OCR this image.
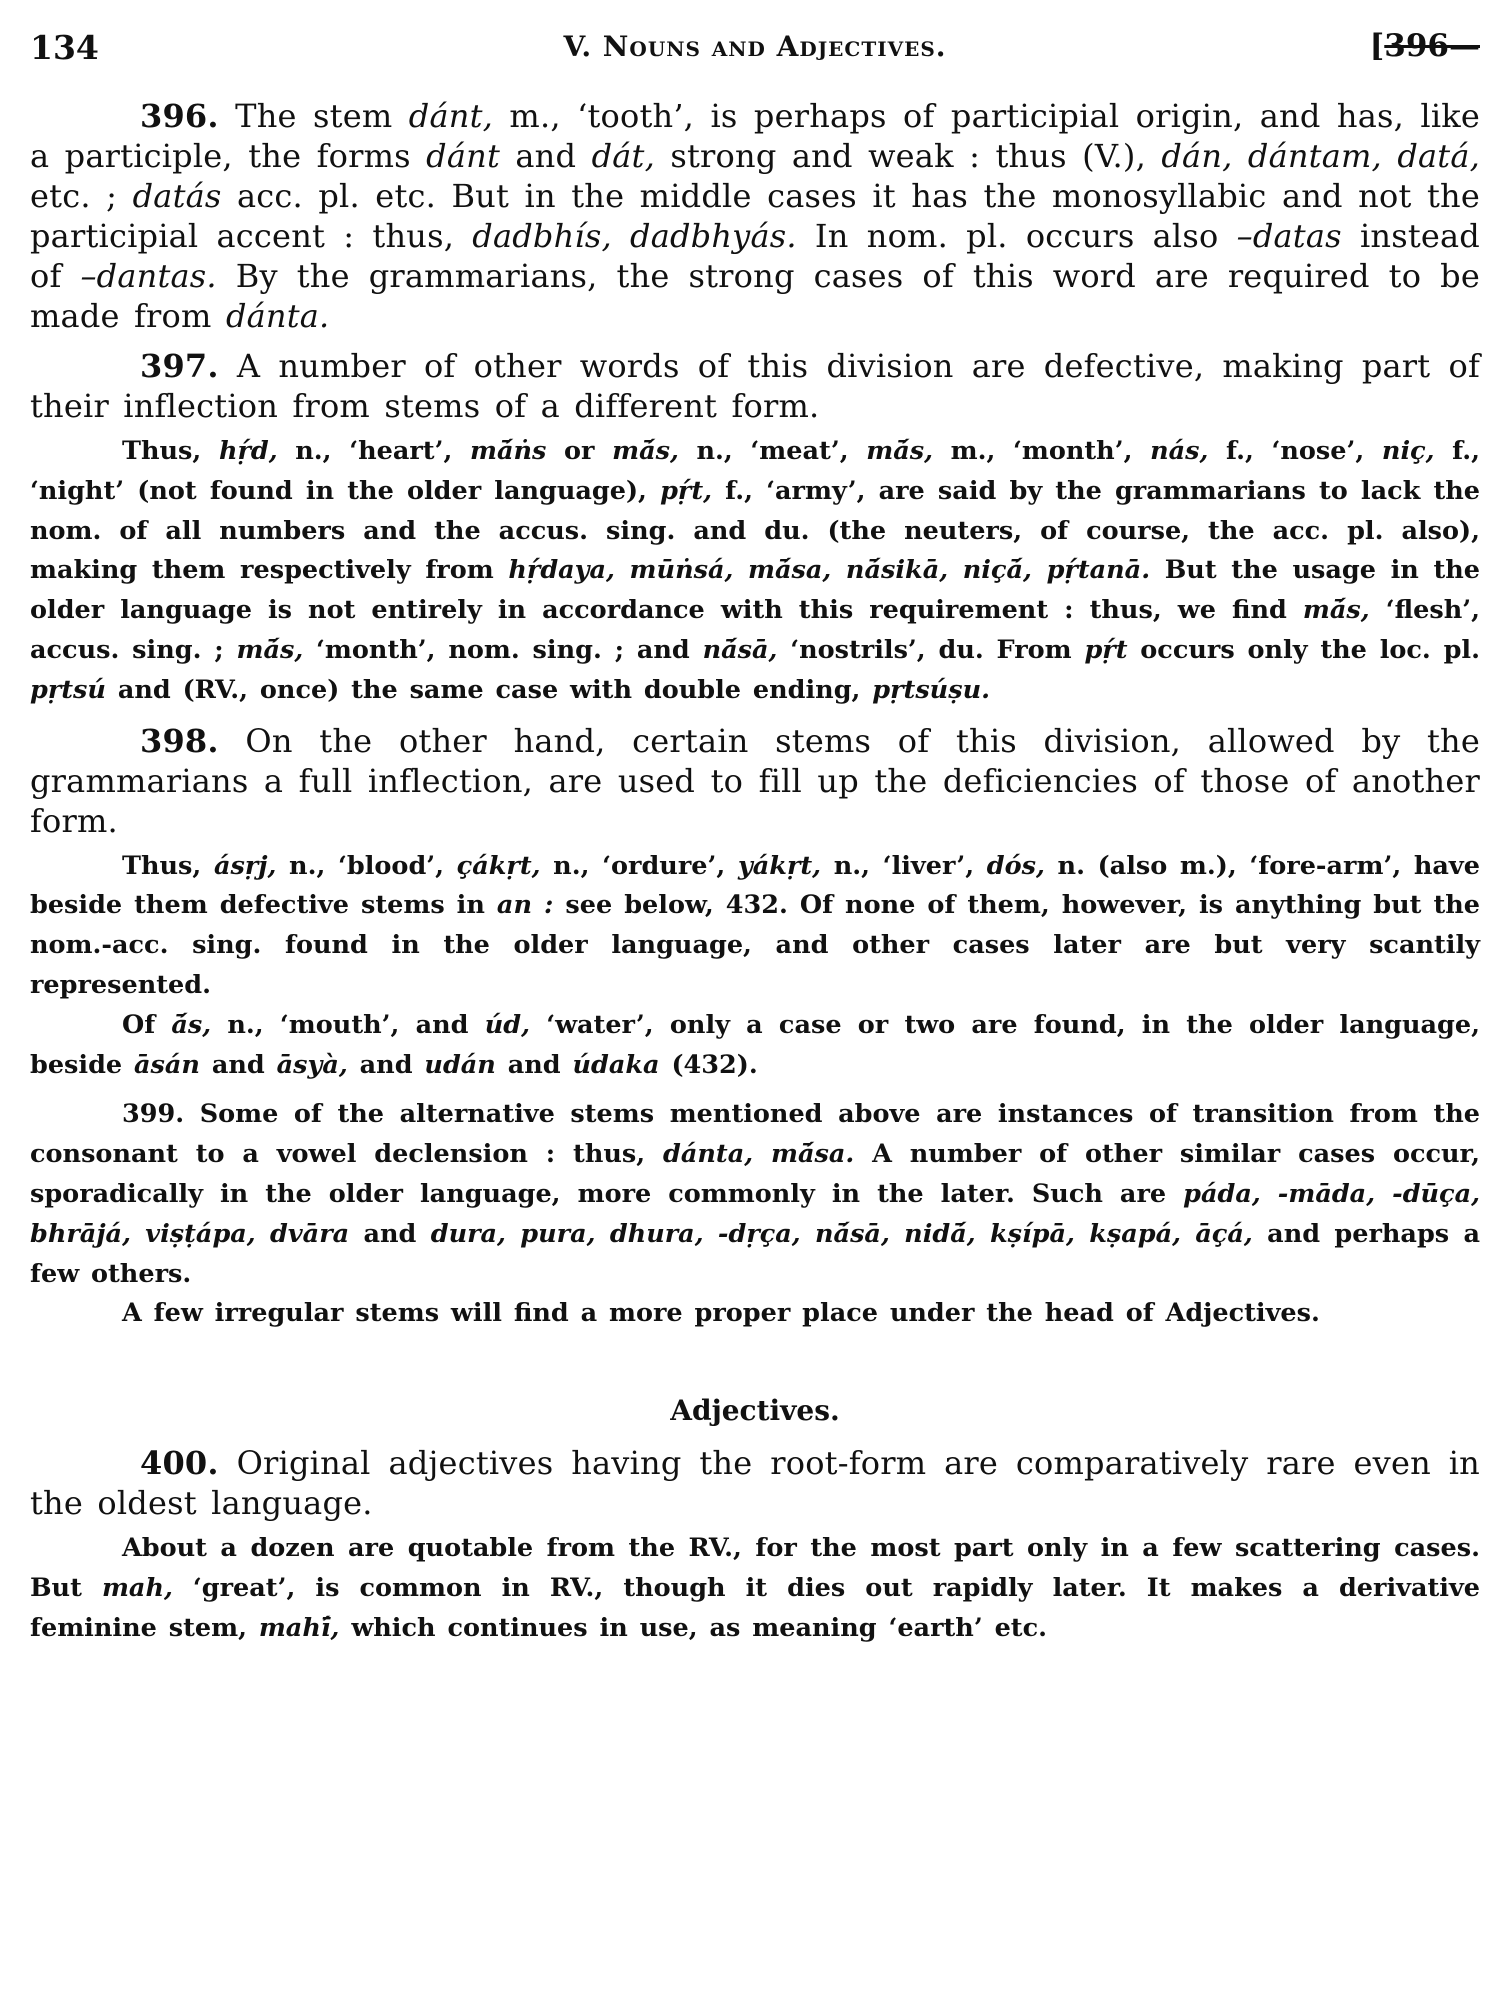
134	V. Nouns and Adjectives.	[396—

396. The stem dánt, m., ‘tooth’, is perhaps of participial origin, and has, like a participle, the forms dánt and dát, strong and weak : thus (V.), dán, dántam, datá, etc. ; datás acc. pl. etc. But in the middle cases it has the monosyllabic and not the participial accent : thus, dadbhís, dadbhyás. In nom. pl. occurs also –datas instead of –dantas. By the grammarians, the strong cases of this word are required to be made from dánta.

397. A number of other words of this division are defective, making part of their inflection from stems of a different form.

Thus, hṛ́d, n., ‘heart’, mā́ṅs or mā́s, n., ‘meat’, mā́s, m., ‘month’, nás, f., ‘nose’, niç, f., ‘night’ (not found in the older language), pṛ́t, f., ‘army’, are said by the grammarians to lack the nom. of all numbers and the accus. sing. and du. (the neuters, of course, the acc. pl. also), making them respectively from hṛ́daya, mūṅsá, mā́sa, nā́sikā, niçā́, pṛ́tanā. But the usage in the older language is not entirely in accordance with this requirement : thus, we find mā́s, ‘flesh’, accus. sing. ; mā́s, ‘month’, nom. sing. ; and nā́sā, ‘nostrils’, du. From pṛ́t occurs only the loc. pl. pṛtsú and (RV., once) the same case with double ending, pṛtsúṣu.

398. On the other hand, certain stems of this division, allowed by the grammarians a full inflection, are used to fill up the deficiencies of those of another form.

Thus, ásṛj, n., ‘blood’, çákṛt, n., ‘ordure’, yákṛt, n., ‘liver’, dós, n. (also m.), ‘fore-arm’, have beside them defective stems in an : see below, 432. Of none of them, however, is anything but the nom.-acc. sing. found in the older language, and other cases later are but very scantily represented.

Of ā́s, n., ‘mouth’, and úd, ‘water’, only a case or two are found, in the older language, beside āsán and āsyà, and udán and údaka (432).

399. Some of the alternative stems mentioned above are instances of transition from the consonant to a vowel declension : thus, dánta, mā́sa. A number of other similar cases occur, sporadically in the older language, more commonly in the later. Such are páda, -māda, -dūça, bhrājá, viṣṭápa, dvāra and dura, pura, dhura, -dṛça, nā́sā, nidā́, kṣípā, kṣapá, āçá, and perhaps a few others.

A few irregular stems will find a more proper place under the head of Adjectives.

Adjectives.

400. Original adjectives having the root-form are comparatively rare even in the oldest language.

About a dozen are quotable from the RV., for the most part only in a few scattering cases. But mah, ‘great’, is common in RV., though it dies out rapidly later. It makes a derivative feminine stem, mahī́, which continues in use, as meaning ‘earth’ etc.
